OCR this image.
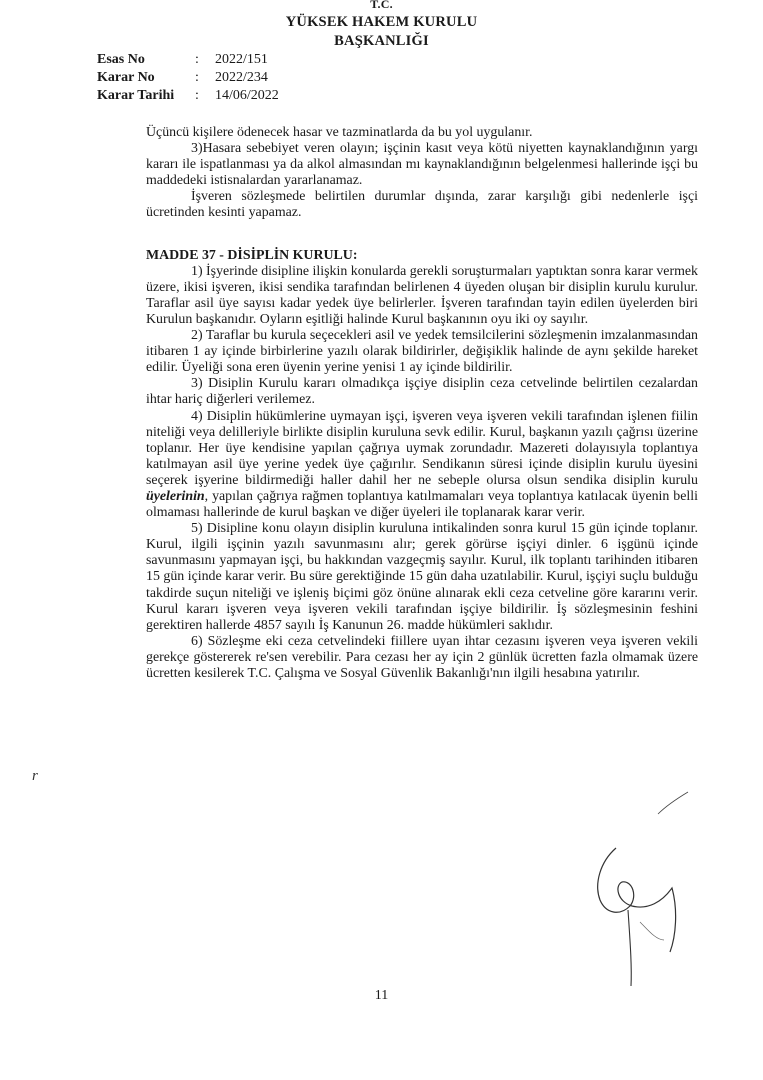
T.C.
YÜKSEK HAKEM KURULU
BAŞKANLIĞI
Esas No	: 2022/151
Karar No	: 2022/234
Karar Tarihi : 14/06/2022

Üçüncü kişilere ödenecek hasar ve tazminatlarda da bu yol uygulanır.

3)Hasara sebebiyet veren olayın; işçinin kasıt veya kötü niyetten kaynaklandığının yargı kararı ile ispatlanması ya da alkol almasından mı kaynaklandığının belgelenmesi hallerinde işçi bu maddedeki istisnalardan yararlanamaz.

İşveren sözleşmede belirtilen durumlar dışında, zarar karşılığı gibi nedenlerle işçi ücretinden kesinti yapamaz.

MADDE 37 - DİSİPLİN KURULU:

1) İşyerinde disipline ilişkin konularda gerekli soruşturmaları yaptıktan sonra karar vermek üzere, ikisi işveren, ikisi sendika tarafından belirlenen 4 üyeden oluşan bir disiplin kurulu kurulur. Taraflar asil üye sayısı kadar yedek üye belirlerler. İşveren tarafından tayin edilen üyelerden biri Kurulun başkanıdır. Oyların eşitliği halinde Kurul başkanının oyu iki oy sayılır.

2) Taraflar bu kurula seçecekleri asil ve yedek temsilcilerini sözleşmenin imzalanmasından itibaren 1 ay içinde birbirlerine yazılı olarak bildirirler, değişiklik halinde de aynı şekilde hareket edilir. Üyeliği sona eren üyenin yerine yenisi 1 ay içinde bildirilir.

3) Disiplin Kurulu kararı olmadıkça işçiye disiplin ceza cetvelinde belirtilen cezalardan ihtar hariç diğerleri verilemez.

4) Disiplin hükümlerine uymayan işçi, işveren veya işveren vekili tarafından işlenen fiilin niteliği veya delilleriyle birlikte disiplin kuruluna sevk edilir. Kurul, başkanın yazılı çağrısı üzerine toplanır. Her üye kendisine yapılan çağrıya uymak zorundadır. Mazereti dolayısıyla toplantıya katılmayan asil üye yerine yedek üye çağırılır. Sendikanın süresi içinde disiplin kurulu üyesini seçerek işyerine bildirmediği haller dahil her ne sebeple olursa olsun sendika disiplin kurulu üyelerinin, yapılan çağrıya rağmen toplantıya katılmamaları veya toplantıya katılacak üyenin belli olmaması hallerinde de kurul başkan ve diğer üyeleri ile toplanarak karar verir.

5) Disipline konu olayın disiplin kuruluna intikalinden sonra kurul 15 gün içinde toplanır. Kurul, ilgili işçinin yazılı savunmasını alır; gerek görürse işçiyi dinler. 6 işgünü içinde savunmasını yapmayan işçi, bu hakkından vazgeçmiş sayılır. Kurul, ilk toplantı tarihinden itibaren 15 gün içinde karar verir. Bu süre gerektiğinde 15 gün daha uzatılabilir. Kurul, işçiyi suçlu bulduğu takdirde suçun niteliği ve işleniş biçimi göz önüne alınarak ekli ceza cetveline göre kararını verir. Kurul kararı işveren veya işveren vekili tarafından işçiye bildirilir. İş sözleşmesinin feshini gerektiren hallerde 4857 sayılı İş Kanunun 26. madde hükümleri saklıdır.

6) Sözleşme eki ceza cetvelindeki fiillere uyan ihtar cezasını işveren veya işveren vekili gerekçe göstererek re'sen verebilir. Para cezası her ay için 2 günlük ücretten fazla olmamak üzere ücretten kesilerek T.C. Çalışma ve Sosyal Güvenlik Bakanlığı'nın ilgili hesabına yatırılır.

r
11
